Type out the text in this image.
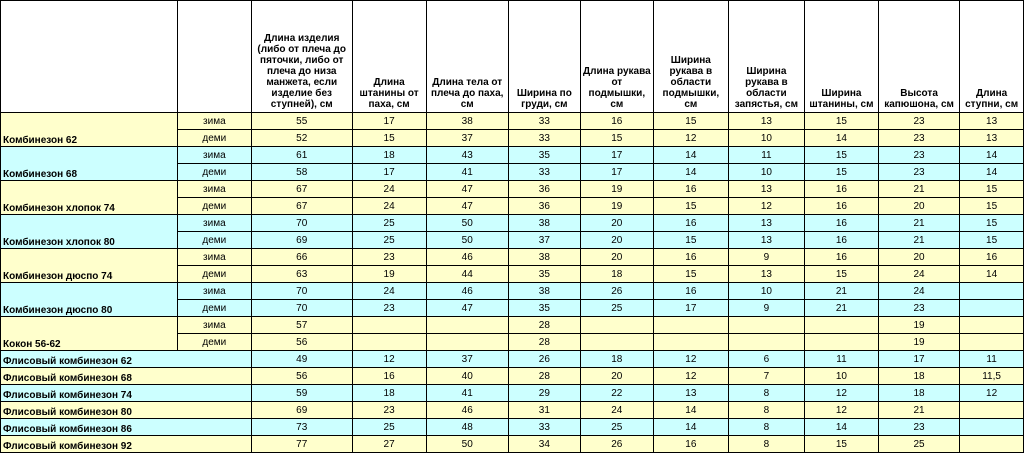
		Длина изделия (либо от плеча до пяточки, либо от плеча до низа манжета, если изделие без ступней), см	Длина штанины от паха, см	Длина тела от плеча до паха, см	Ширина по груди, см	Длина рукава от подмышки, см	Ширина рукава в области подмышки, см	Ширина рукава в области запястья, см	Ширина штанины, см	Высота капюшона, см	Длина ступни, см
Комбинезон 62	зима	55	17	38	33	16	15	13	15	23	13
	деми	52	15	37	33	15	12	10	14	23	13
Комбинезон 68	зима	61	18	43	35	17	14	11	15	23	14
	деми	58	17	41	33	17	14	10	15	23	14
Комбинезон хлопок 74	зима	67	24	47	36	19	16	13	16	21	15
	деми	67	24	47	36	19	15	12	16	20	15
Комбинезон хлопок 80	зима	70	25	50	38	20	16	13	16	21	15
	деми	69	25	50	37	20	15	13	16	21	15
Комбинезон дюспо 74	зима	66	23	46	38	20	16	9	16	20	16
	деми	63	19	44	35	18	15	13	15	24	14
Комбинезон дюспо 80	зима	70	24	46	38	26	16	10	21	24	
	деми	70	23	47	35	25	17	9	21	23	
Кокон 56-62	зима	57			28					19	
	деми	56			28					19	
Флисовый комбинезон 62		49	12	37	26	18	12	6	11	17	11
Флисовый комбинезон 68		56	16	40	28	20	12	7	10	18	11,5
Флисовый комбинезон 74		59	18	41	29	22	13	8	12	18	12
Флисовый комбинезон 80		69	23	46	31	24	14	8	12	21	
Флисовый комбинезон 86		73	25	48	33	25	14	8	14	23	
Флисовый комбинезон 92		77	27	50	34	26	16	8	15	25	
